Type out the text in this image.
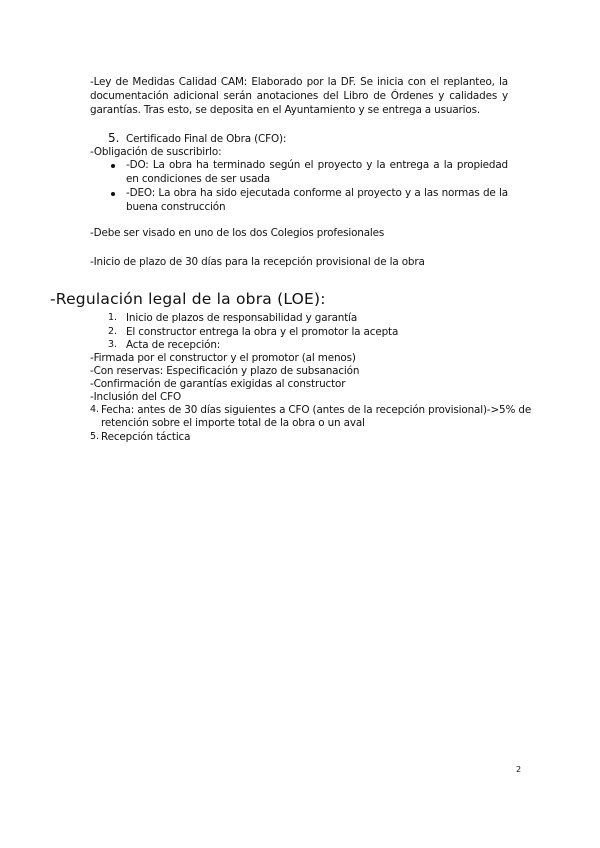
-Ley de Medidas Calidad CAM: Elaborado por la DF. Se inicia con el replanteo, la documentación adicional serán anotaciones del Libro de Órdenes y calidades y garantías. Tras esto, se deposita en el Ayuntamiento y se entrega a usuarios.
5. Certificado Final de Obra (CFO):
-Obligación de suscribirlo:
-DO: La obra ha terminado según el proyecto y la entrega a la propiedad en condiciones de ser usada
-DEO: La obra ha sido ejecutada conforme al proyecto y a las normas de la buena construcción
-Debe ser visado en uno de los dos Colegios profesionales
-Inicio de plazo de 30 días para la recepción provisional de la obra
-Regulación legal de la obra (LOE):
1. Inicio de plazos de responsabilidad y garantía
2. El constructor entrega la obra y el promotor la acepta
3. Acta de recepción:
-Firmada por el constructor y el promotor (al menos)
-Con reservas: Especificación y plazo de subsanación
-Confirmación de garantías exigidas al constructor
-Inclusión del CFO
4. Fecha: antes de 30 días siguientes a CFO (antes de la recepción provisional)->5% de
retención sobre el importe total de la obra o un aval
5. Recepción táctica
2
